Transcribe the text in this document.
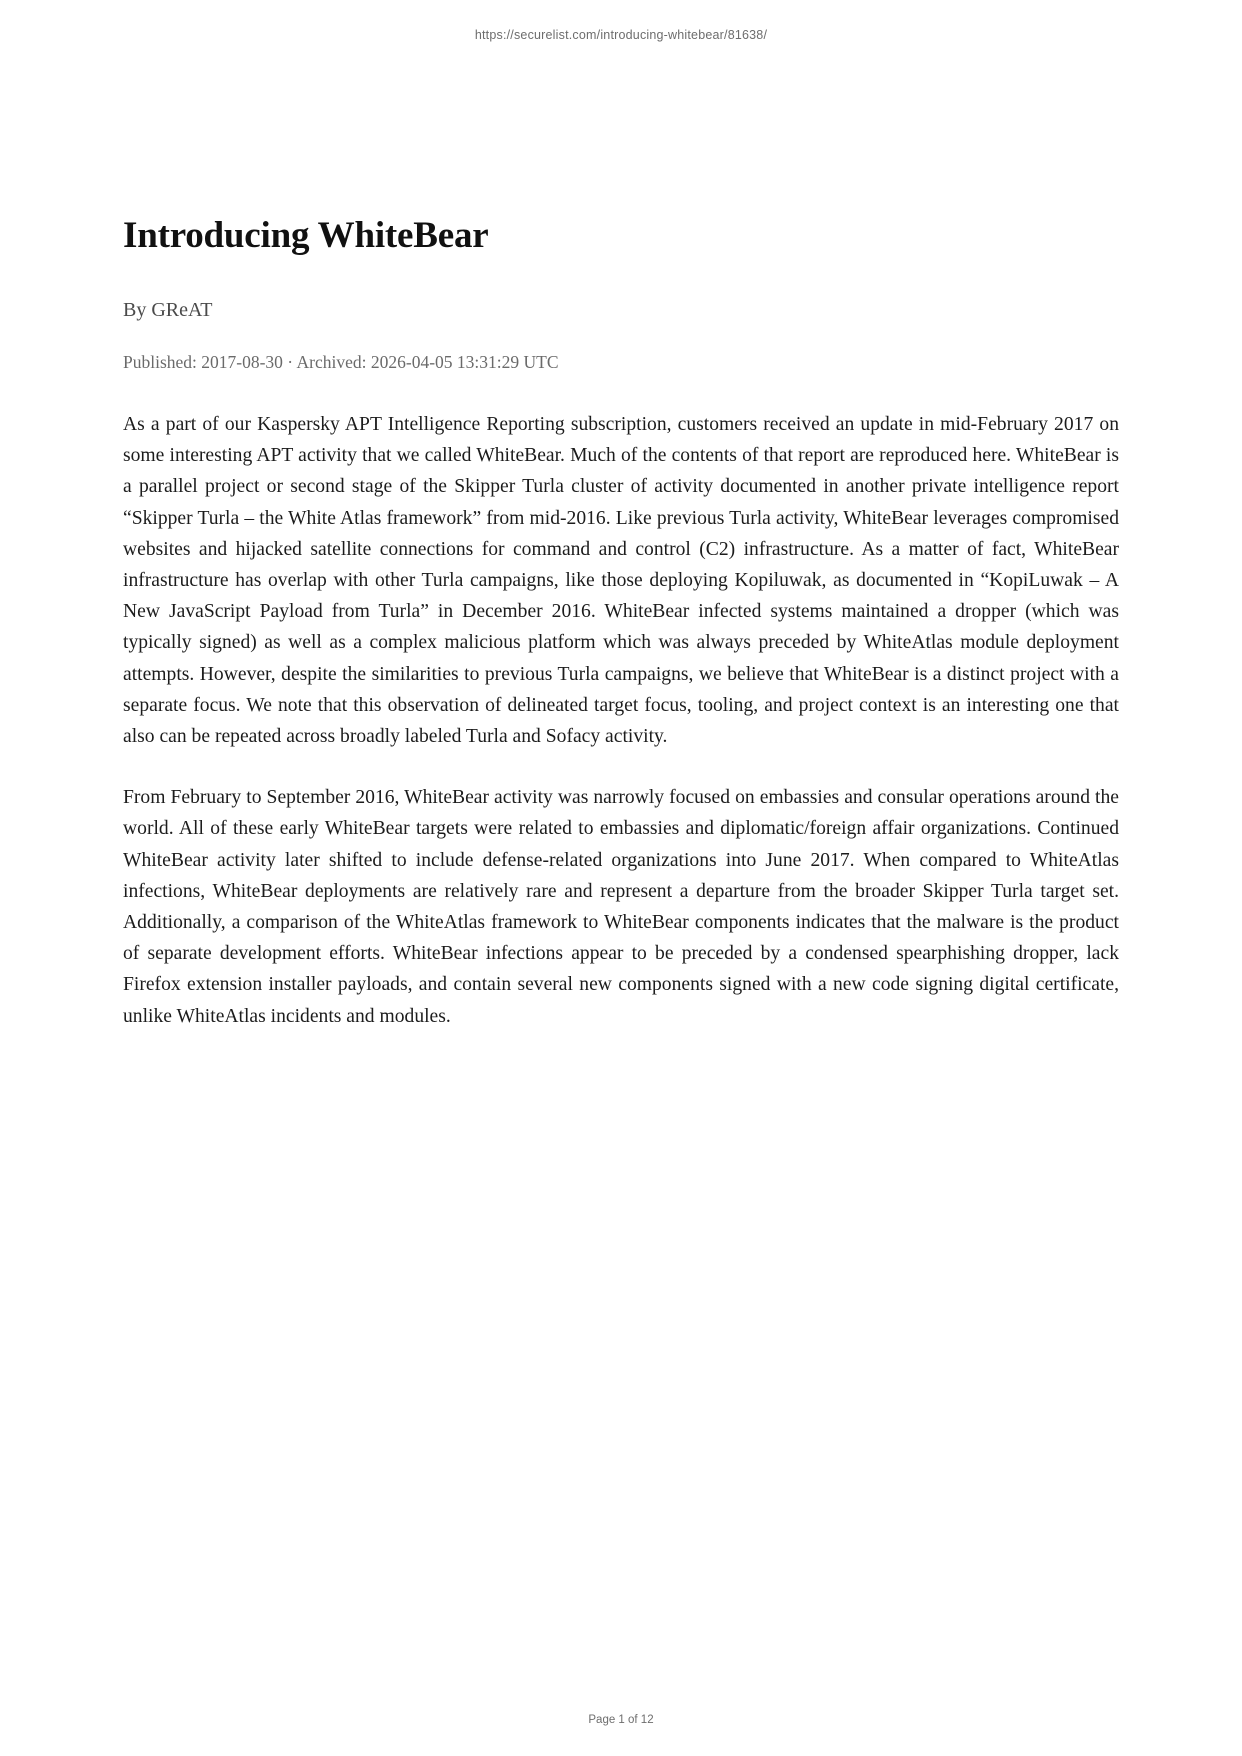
https://securelist.com/introducing-whitebear/81638/
Introducing WhiteBear
By GReAT
Published: 2017-08-30 · Archived: 2026-04-05 13:31:29 UTC

As a part of our Kaspersky APT Intelligence Reporting subscription, customers received an update in mid-February 2017 on some interesting APT activity that we called WhiteBear. Much of the contents of that report are reproduced here. WhiteBear is a parallel project or second stage of the Skipper Turla cluster of activity documented in another private intelligence report “Skipper Turla – the White Atlas framework” from mid-2016. Like previous Turla activity, WhiteBear leverages compromised websites and hijacked satellite connections for command and control (C2) infrastructure. As a matter of fact, WhiteBear infrastructure has overlap with other Turla campaigns, like those deploying Kopiluwak, as documented in “KopiLuwak – A New JavaScript Payload from Turla” in December 2016. WhiteBear infected systems maintained a dropper (which was typically signed) as well as a complex malicious platform which was always preceded by WhiteAtlas module deployment attempts. However, despite the similarities to previous Turla campaigns, we believe that WhiteBear is a distinct project with a separate focus. We note that this observation of delineated target focus, tooling, and project context is an interesting one that also can be repeated across broadly labeled Turla and Sofacy activity.

From February to September 2016, WhiteBear activity was narrowly focused on embassies and consular operations around the world. All of these early WhiteBear targets were related to embassies and diplomatic/foreign affair organizations. Continued WhiteBear activity later shifted to include defense-related organizations into June 2017. When compared to WhiteAtlas infections, WhiteBear deployments are relatively rare and represent a departure from the broader Skipper Turla target set. Additionally, a comparison of the WhiteAtlas framework to WhiteBear components indicates that the malware is the product of separate development efforts. WhiteBear infections appear to be preceded by a condensed spearphishing dropper, lack Firefox extension installer payloads, and contain several new components signed with a new code signing digital certificate, unlike WhiteAtlas incidents and modules.

Page 1 of 12
